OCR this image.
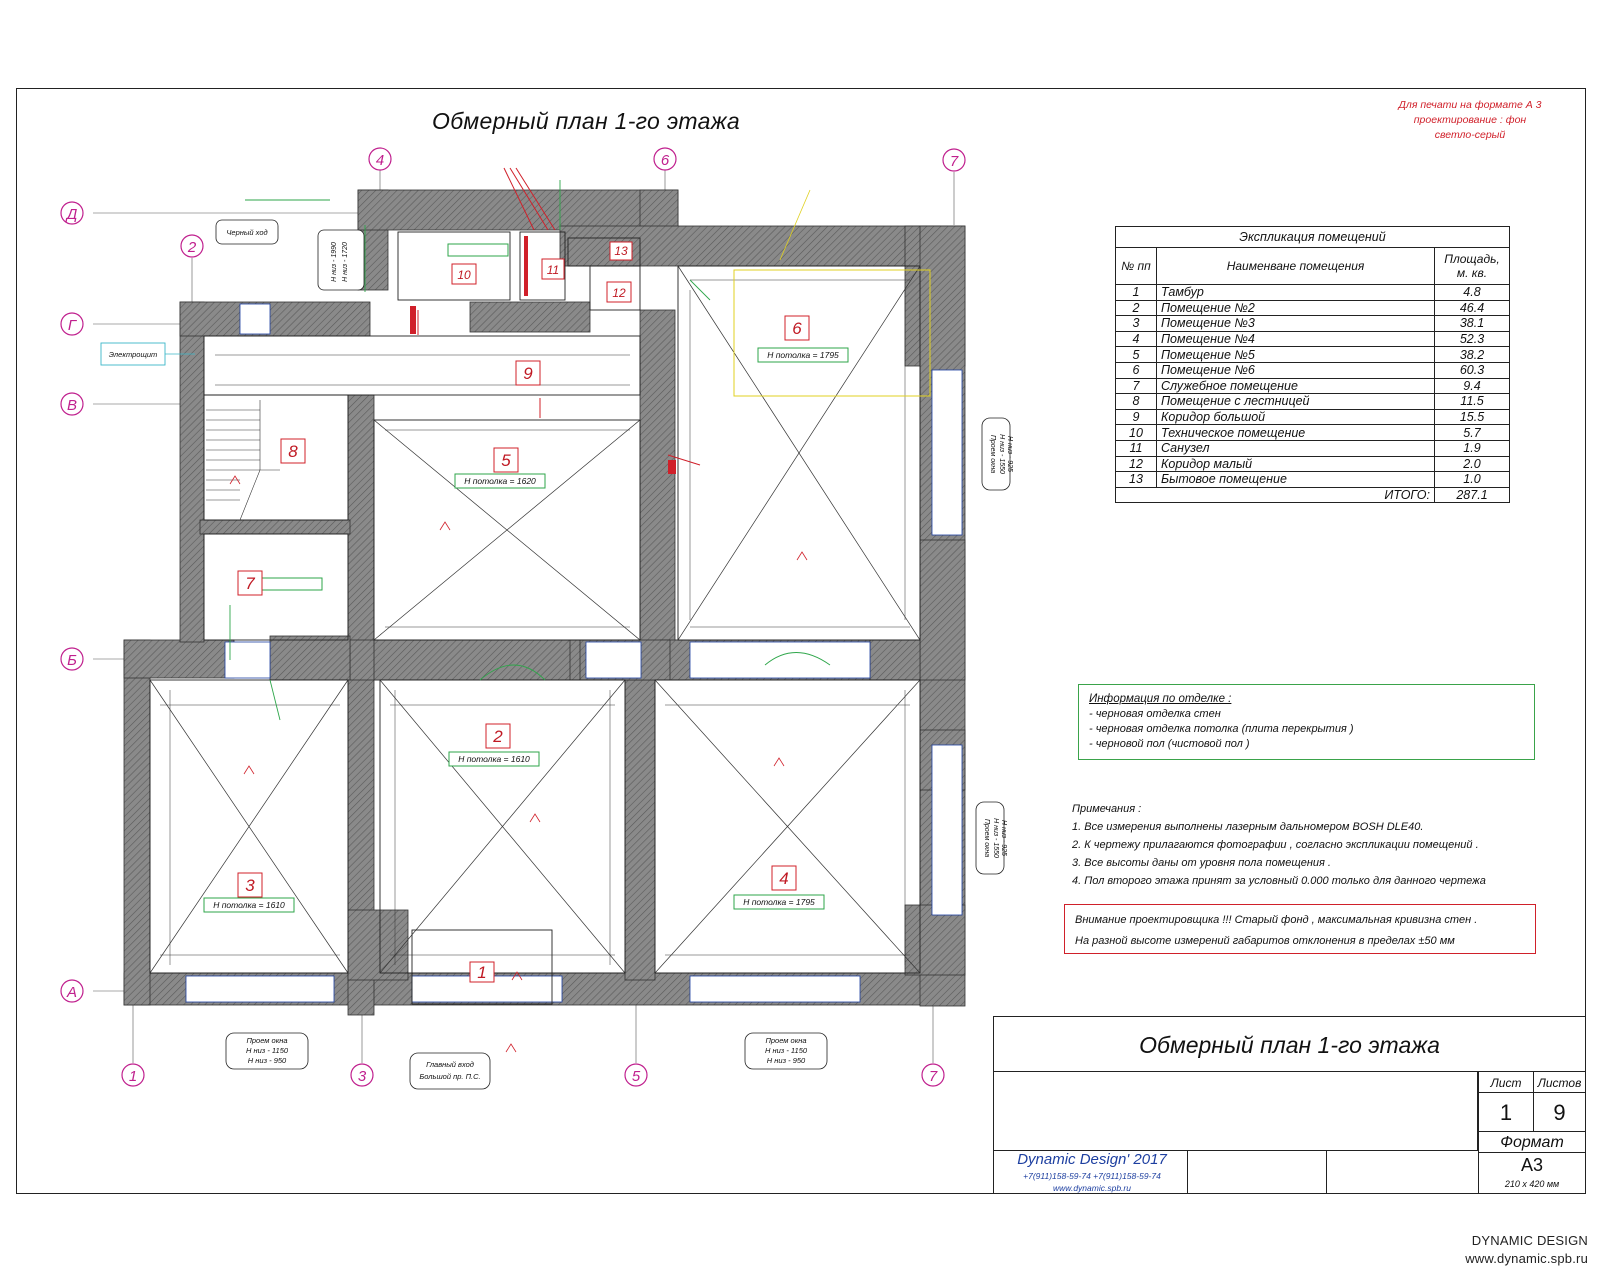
Обмерный план 1-го этажа
Для печати на формате А 3
проектирование : фон
светло-серый
1
2
3
4
5
6	7
7
А
Б
В
Г
Д
5
6
2
3	4
8
7
9
1
10	11
12
13
Н потолка = 1620
Н потолка = 1795
Н потолка = 1610
Н потолка = 1610	Н потолка = 1795
Черный ход
Электрощит
Проем окна
Н низ - 1150
Н низ - 950
Проем окна
Н низ - 1150
Н низ - 950
Главный вход
Большой пр. П.С.
Н низ - 1990 Н низ - 1720
Проем окна Н низ - 1550 Н низ - 925
Проем окна Н низ - 1550 Н низ - 925
Экспликация помещений		
№ пп	Наименване помещения	Площадь, м. кв.
1	Тамбур	4.8
2	Помещение №2	46.4
3	Помещение №3	38.1
4	Помещение №4	52.3
5	Помещение №5	38.2
6	Помещение №6	60.3
7	Служебное помещение	9.4
8	Помещение с лестницей	11.5
9	Коридор большой	15.5
10	Техническое помещение	5.7
11	Санузел	1.9
12	Коридор малый	2.0
13	Бытовое помещение	1.0
	ИТОГО:	287.1
Информация по отделке :
- черновая отделка стен
- черновая отделка потолка (плита перекрытия )
- черновой пол (чистовой пол )
Примечания :
1. Все измерения выполнены лазерным дальномером BOSH DLE40.
2. К чертежу прилагаются фотографии , согласно экспликации помещений .
3. Все высоты даны от уровня пола помещения .
4. Пол второго этажа принят за условный 0.000 только для данного чертежа
Внимание проектировщика !!! Старый фонд , максимальная кривизна стен .
На разной высоте измерений габаритов отклонения в пределах ±50 мм
Обмерный план 1-го этажа
Лист	Листов
1	9
Формат
А3
210 х 420 мм
Dynamic Design' 2017
+7(911)158-59-74 +7(911)158-59-74
www.dynamic.spb.ru
DYNAMIC DESIGN
www.dynamic.spb.ru
